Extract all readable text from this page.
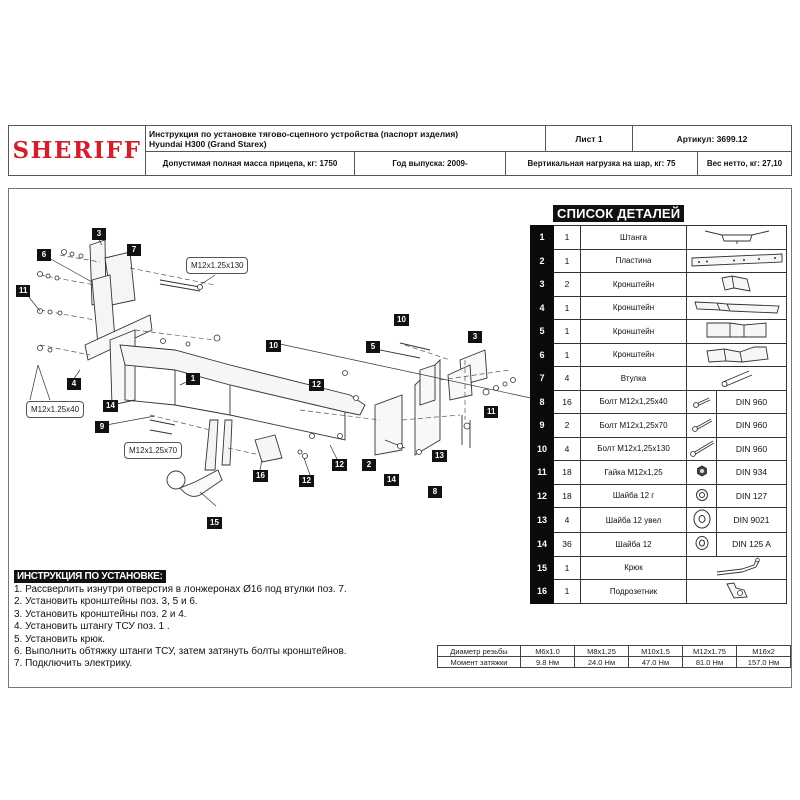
SHERIFF
Инструкция по установке тягово-сцепного устройства (паспорт изделия)
Hyundai H300 (Grand Starex)
Лист 1	Артикул: 3699.12
Допустимая полная масса прицепа, кг: 1750	Год выпуска: 2009-	Вертикальная нагрузка на шар, кг: 75	Вес нетто, кг: 27,10
3
7
6
11
4
14
1
9
10
10
5
3
12
11
12	2
13
14
8
16
12
15
M12x1.25x130
M12x1.25x40
M12x1.25x70
СПИСОК ДЕТАЛЕЙ
1	1	Штанга	
2	1	Пластина	
3	2	Кронштейн	
4	1	Кронштейн	
5	1	Кронштейн	
6	1	Кронштейн	
7	4	Втулка	
8	16	Болт М12х1,25х40		DIN 960
9	2	Болт М12х1,25х70		DIN 960
10	4	Болт М12х1,25х130		DIN 960
11	18	Гайка М12х1,25		DIN 934
12	18	Шайба 12 г		DIN 127
13	4	Шайба 12 увел		DIN 9021
14	36	Шайба 12		DIN 125 A
15	1	Крюк	
16	1	Подрозетник	
ИНСТРУКЦИЯ ПО УСТАНОВКЕ:
1. Рассверлить изнутри отверстия в лонжеронах Ø16 под втулки поз. 7.
2. Установить кронштейны поз. 3, 5 и 6.
3. Установить кронштейны поз. 2 и 4.
4. Установить штангу ТСУ поз. 1 .
5. Установить крюк.
6. Выполнить обтяжку штанги ТСУ, затем затянуть болты кронштейнов.
7. Подключить электрику.
Диаметр резьбы	М6х1.0	М8х1.25	М10х1.5	М12х1.75	М16х2
Момент затяжки	9.8 Нм	24.0 Нм	47.0 Нм	81.0 Нм	157.0 Нм
